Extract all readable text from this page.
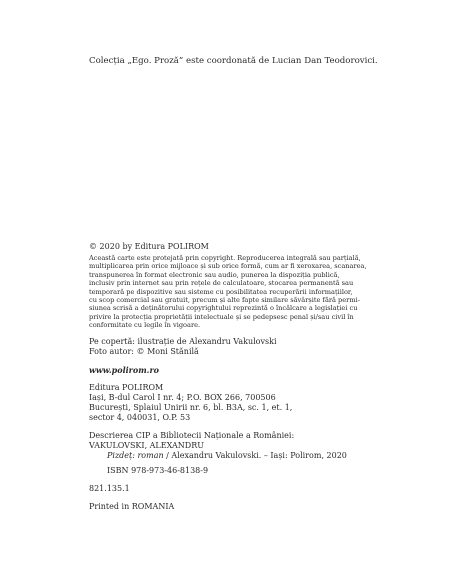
Colecția „Ego. Proză” este coordonată de Lucian Dan Teodorovici.
© 2020 by Editura POLIROM
Această carte este protejată prin copyright. Reproducerea integrală sau parțială,
multiplicarea prin orice mijloace și sub orice formă, cum ar fi xeroxarea, scanarea,
transpunerea în format electronic sau audio, punerea la dispoziția publică,
inclusiv prin internet sau prin rețele de calculatoare, stocarea permanentă sau
temporară pe dispozitive sau sisteme cu posibilitatea recuperării informațiilor,
cu scop comercial sau gratuit, precum și alte fapte similare săvârșite fără permi-
siunea scrisă a deținătorului copyrightului reprezintă o încălcare a legislației cu
privire la protecția proprietății intelectuale și se pedepsesc penal și/sau civil în
conformitate cu legile în vigoare.
Pe copertă: ilustrație de Alexandru Vakulovski
Foto autor: © Moni Stănilă
www.polirom.ro
Editura POLIROM
Iași, B-dul Carol I nr. 4; P.O. BOX 266, 700506
București, Splaiul Unirii nr. 6, bl. B3A, sc. 1, et. 1,
sector 4, 040031, O.P. 53
Descrierea CIP a Bibliotecii Naționale a României:
VAKULOVSKI, ALEXANDRU
Pizdeț: roman / Alexandru Vakulovski. – Iași: Polirom, 2020
ISBN 978-973-46-8138-9
821.135.1
Printed in ROMANIA
